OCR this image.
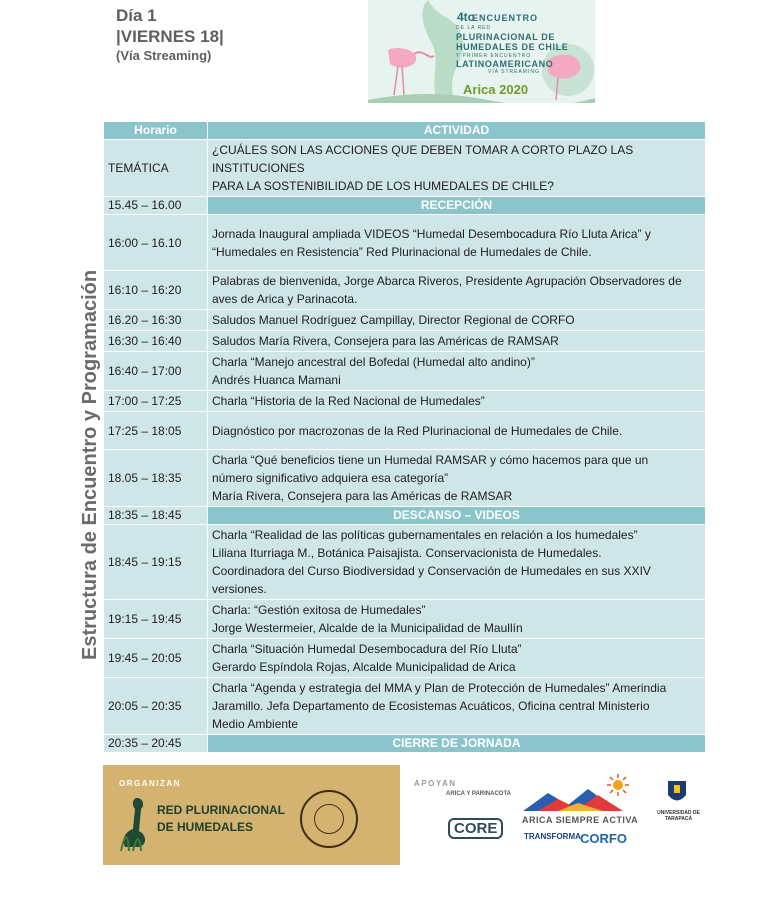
Día 1
|VIERNES 18|
(Vía Streaming)
4to
ENCUENTRO
DE LA RED
PLURINACIONAL DE
HUMEDALES DE CHILE
Y PRIMER ENCUENTRO
LATINOAMERICANO
VÍA STREAMING
Arica 2020
Estructura de Encuentro y Programación
Horario	ACTIVIDAD
TEMÁTICA	¿CUÁLES SON LAS ACCIONES QUE DEBEN TOMAR A CORTO PLAZO LAS INSTITUCIONES
PARA LA SOSTENIBILIDAD DE LOS HUMEDALES DE CHILE?

15.45 – 16.00	RECEPCIÓN
16:00 – 16.10	Jornada Inaugural ampliada VIDEOS “Humedal Desembocadura Río Lluta Arica” y
“Humedales en Resistencia” Red Plurinacional de Humedales de Chile.

16:10 – 16:20	Palabras de bienvenida, Jorge Abarca Riveros, Presidente Agrupación Observadores de
aves de Arica y Parinacota.

16.20 – 16:30	Saludos Manuel Rodríguez Campillay, Director Regional de CORFO

16:30 – 16:40	Saludos María Rivera, Consejera para las Américas de RAMSAR

16:40 – 17:00	Charla “Manejo ancestral del Bofedal (Humedal alto andino)”
Andrés Huanca Mamani

17:00 – 17:25	Charla “Historia de la Red Nacional de Humedales”

17:25 – 18:05	Diagnóstico por macrozonas de la Red Plurinacional de Humedales de Chile.

18.05 – 18:35	Charla “Qué beneficios tiene un Humedal RAMSAR y cómo hacemos para que un
número significativo adquiera esa categoría”
María Rivera, Consejera para las Américas de RAMSAR

18:35 – 18:45	DESCANSO – VIDEOS
18:45 – 19:15	Charla “Realidad de las políticas gubernamentales en relación a los humedales”
Liliana Iturriaga M., Botánica Paisajista. Conservacionista de Humedales.
Coordinadora del Curso Biodiversidad y Conservación de Humedales en sus XXIV
versiones.

19:15 – 19:45	Charla: “Gestión exitosa de Humedales”
Jorge Westermeier, Alcalde de la Municipalidad de Maullín

19:45 – 20:05	Charla “Situación Humedal Desembocadura del Río Lluta”
Gerardo Espíndola Rojas, Alcalde Municipalidad de Arica

20:05 – 20:35	Charla “Agenda y estrategia del MMA y Plan de Protección de Humedales” Amerindia
Jaramillo. Jefa Departamento de Ecosistemas Acuáticos, Oficina central Ministerio
Medio Ambiente

20:35 – 20:45	CIERRE DE JORNADA
ORGANIZAN
RED PLURINACIONAL
DE HUMEDALES
APOYAN
ARICA Y PARINACOTA
CORE	ARICA SIEMPRE ACTIVA
TRANSFORMA CORFO
UNIVERSIDAD DE TARAPACÁ
